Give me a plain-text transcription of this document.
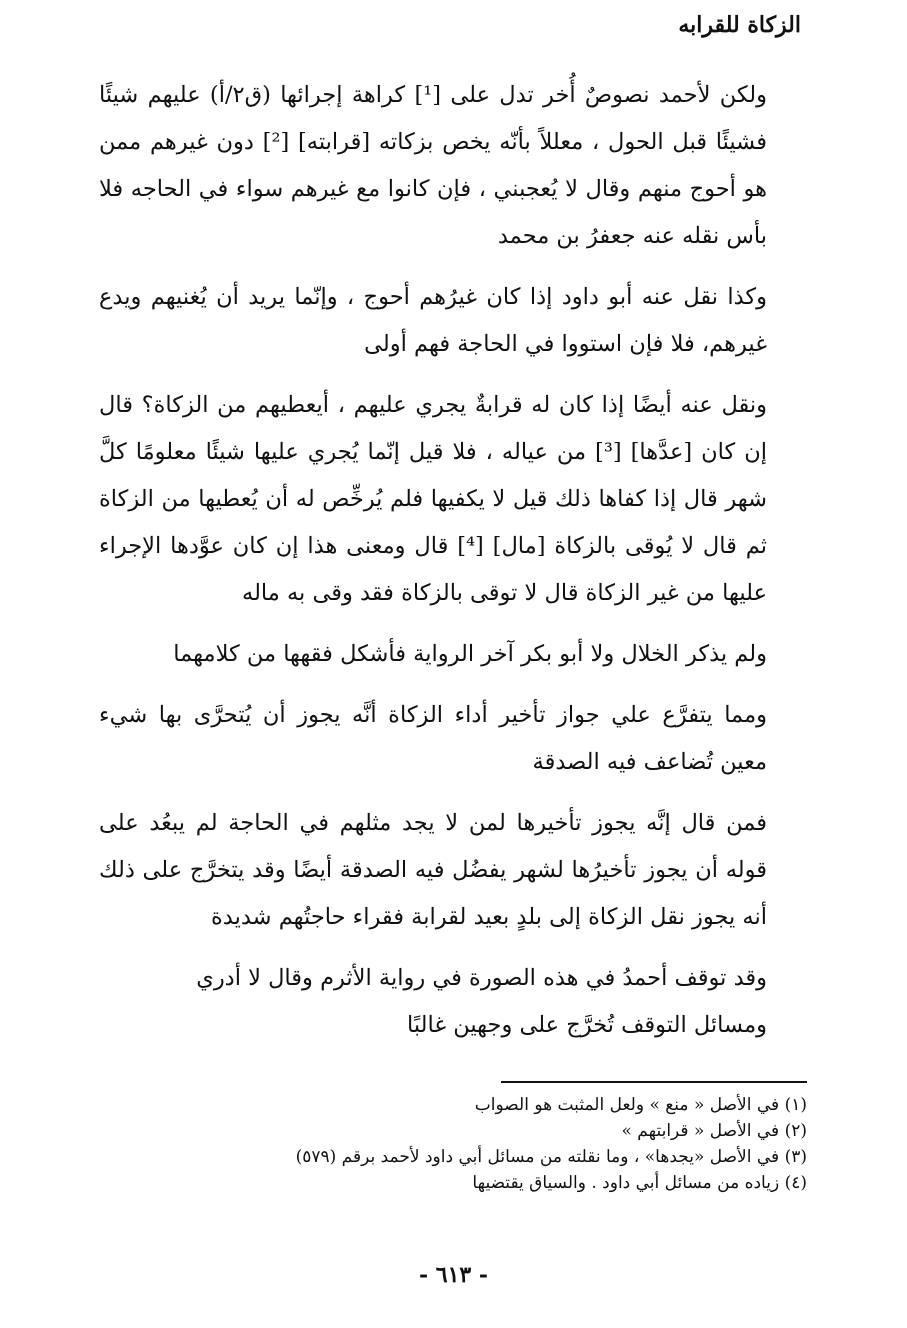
الزكاة للقرابه

ولكن لأحمد نصوصٌ أُخر تدل على [¹] كراهة إجرائها (ق٢/أ) عليهم شيئًا فشيئًا قبل الحول ، معللاً بأنّه يخص بزكاته [قرابته] [²] دون غيرهم ممن هو أحوج منهم وقال لا يُعجبني ، فإن كانوا مع غيرهم سواء في الحاجه فلا بأس نقله عنه جعفرُ بن محمد

وكذا نقل عنه أبو داود إذا كان غيرُهم أحوج ، وإنّما يريد أن يُغنيهم ويدع غيرهم، فلا فإن استووا في الحاجة فهم أولى

ونقل عنه أيضًا إذا كان له قرابةٌ يجري عليهم ، أيعطيهم من الزكاة؟ قال إن كان [عدَّها] [³] من عياله ، فلا قيل إنّما يُجري عليها شيئًا معلومًا كلَّ شهر قال إذا كفاها ذلك قيل لا يكفيها فلم يُرخِّص له أن يُعطيها من الزكاة ثم قال لا يُوقى بالزكاة [مال] [⁴] قال ومعنى هذا إن كان عوَّدها الإجراء عليها من غير الزكاة قال لا توقى بالزكاة فقد وقى به ماله

ولم يذكر الخلال ولا أبو بكر آخر الرواية فأشكل فقهها من كلامهما

ومما يتفرَّع علي جواز تأخير أداء الزكاة أنَّه يجوز أن يُتحرَّى بها شيء معين تُضاعف فيه الصدقة

فمن قال إنَّه يجوز تأخيرها لمن لا يجد مثلهم في الحاجة لم يبعُد على قوله أن يجوز تأخيرُها لشهر يفضُل فيه الصدقة أيضًا وقد يتخرَّج على ذلك أنه يجوز نقل الزكاة إلى بلدٍ بعيد لقرابة فقراء حاجتُهم شديدة

وقد توقف أحمدُ في هذه الصورة في رواية الأثرم وقال لا أدري

ومسائل التوقف تُخرَّج على وجهين غالبًا

(١) في الأصل « منع » ولعل المثبت هو الصواب
(٢) في الأصل « قرابتهم »
(٣) في الأصل «يجدها» ، وما نقلته من مسائل أبي داود لأحمد برقم (٥٧٩)
(٤) زياده من مسائل أبي داود . والسياق يقتضيها
- ٦١٣ -
